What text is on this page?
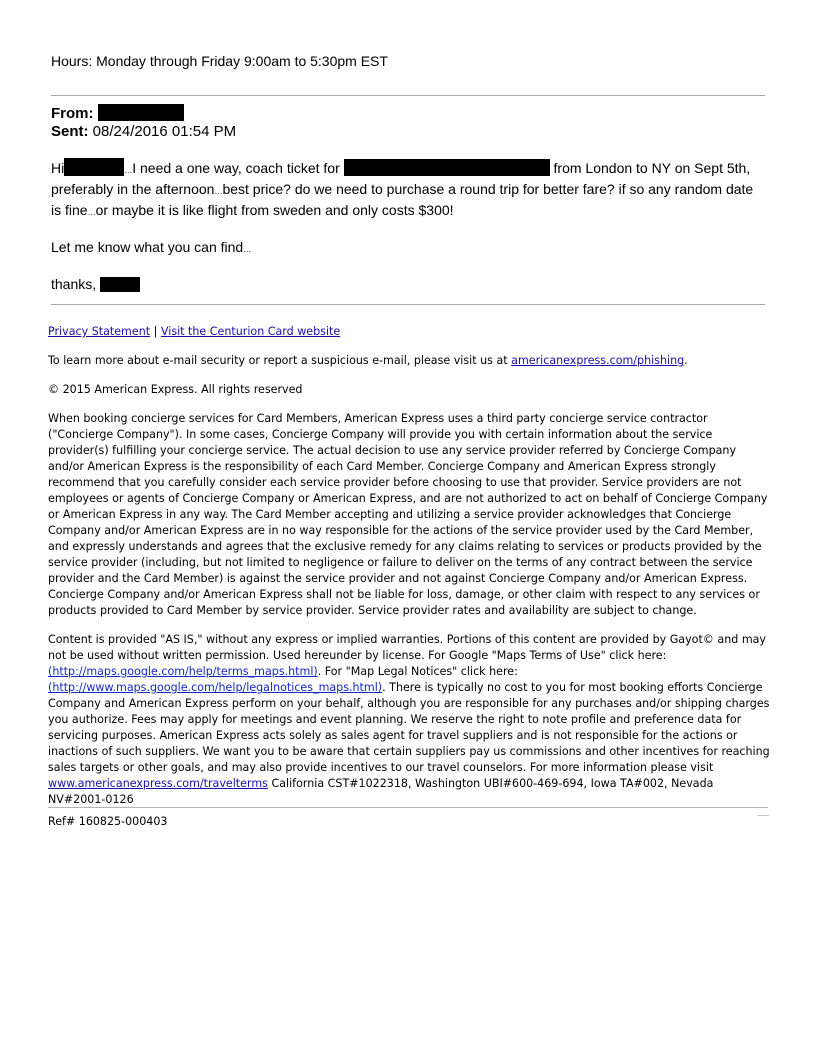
Hours: Monday through Friday 9:00am to 5:30pm EST
From:
Sent: 08/24/2016 01:54 PM

Hi	…I need a one way, coach ticket for	from London to NY on Sept 5th, preferably in the afternoon…best price? do we need to purchase a round trip for better fare? if so any random date is fine…or maybe it is like flight from sweden and only costs $300!

Let me know what you can find…

thanks,

Privacy Statement | Visit the Centurion Card website

To learn more about e-mail security or report a suspicious e-mail, please visit us at americanexpress.com/phishing.

© 2015 American Express. All rights reserved

When booking concierge services for Card Members, American Express uses a third party concierge service contractor ("Concierge Company"). In some cases, Concierge Company will provide you with certain information about the service provider(s) fulfilling your concierge service. The actual decision to use any service provider referred by Concierge Company and/or American Express is the responsibility of each Card Member. Concierge Company and American Express strongly recommend that you carefully consider each service provider before choosing to use that provider. Service providers are not employees or agents of Concierge Company or American Express, and are not authorized to act on behalf of Concierge Company or American Express in any way. The Card Member accepting and utilizing a service provider acknowledges that Concierge Company and/or American Express are in no way responsible for the actions of the service provider used by the Card Member, and expressly understands and agrees that the exclusive remedy for any claims relating to services or products provided by the service provider (including, but not limited to negligence or failure to deliver on the terms of any contract between the service provider and the Card Member) is against the service provider and not against Concierge Company and/or American Express. Concierge Company and/or American Express shall not be liable for loss, damage, or other claim with respect to any services or products provided to Card Member by service provider. Service provider rates and availability are subject to change.

Content is provided "AS IS," without any express or implied warranties. Portions of this content are provided by Gayot© and may not be used without written permission. Used hereunder by license. For Google "Maps Terms of Use" click here:
(http://maps.google.com/help/terms_maps.html). For "Map Legal Notices" click here:
(http://www.maps.google.com/help/legalnotices_maps.html). There is typically no cost to you for most booking efforts Concierge Company and American Express perform on your behalf, although you are responsible for any purchases and/or shipping charges you authorize. Fees may apply for meetings and event planning. We reserve the right to note profile and preference data for servicing purposes. American Express acts solely as sales agent for travel suppliers and is not responsible for the actions or inactions of such suppliers. We want you to be aware that certain suppliers pay us commissions and other incentives for reaching sales targets or other goals, and may also provide incentives to our travel counselors. For more information please visit
www.americanexpress.com/travelterms California CST#1022318, Washington UBI#600-469-694, Iowa TA#002, Nevada NV#2001-0126

Ref# 160825-000403
